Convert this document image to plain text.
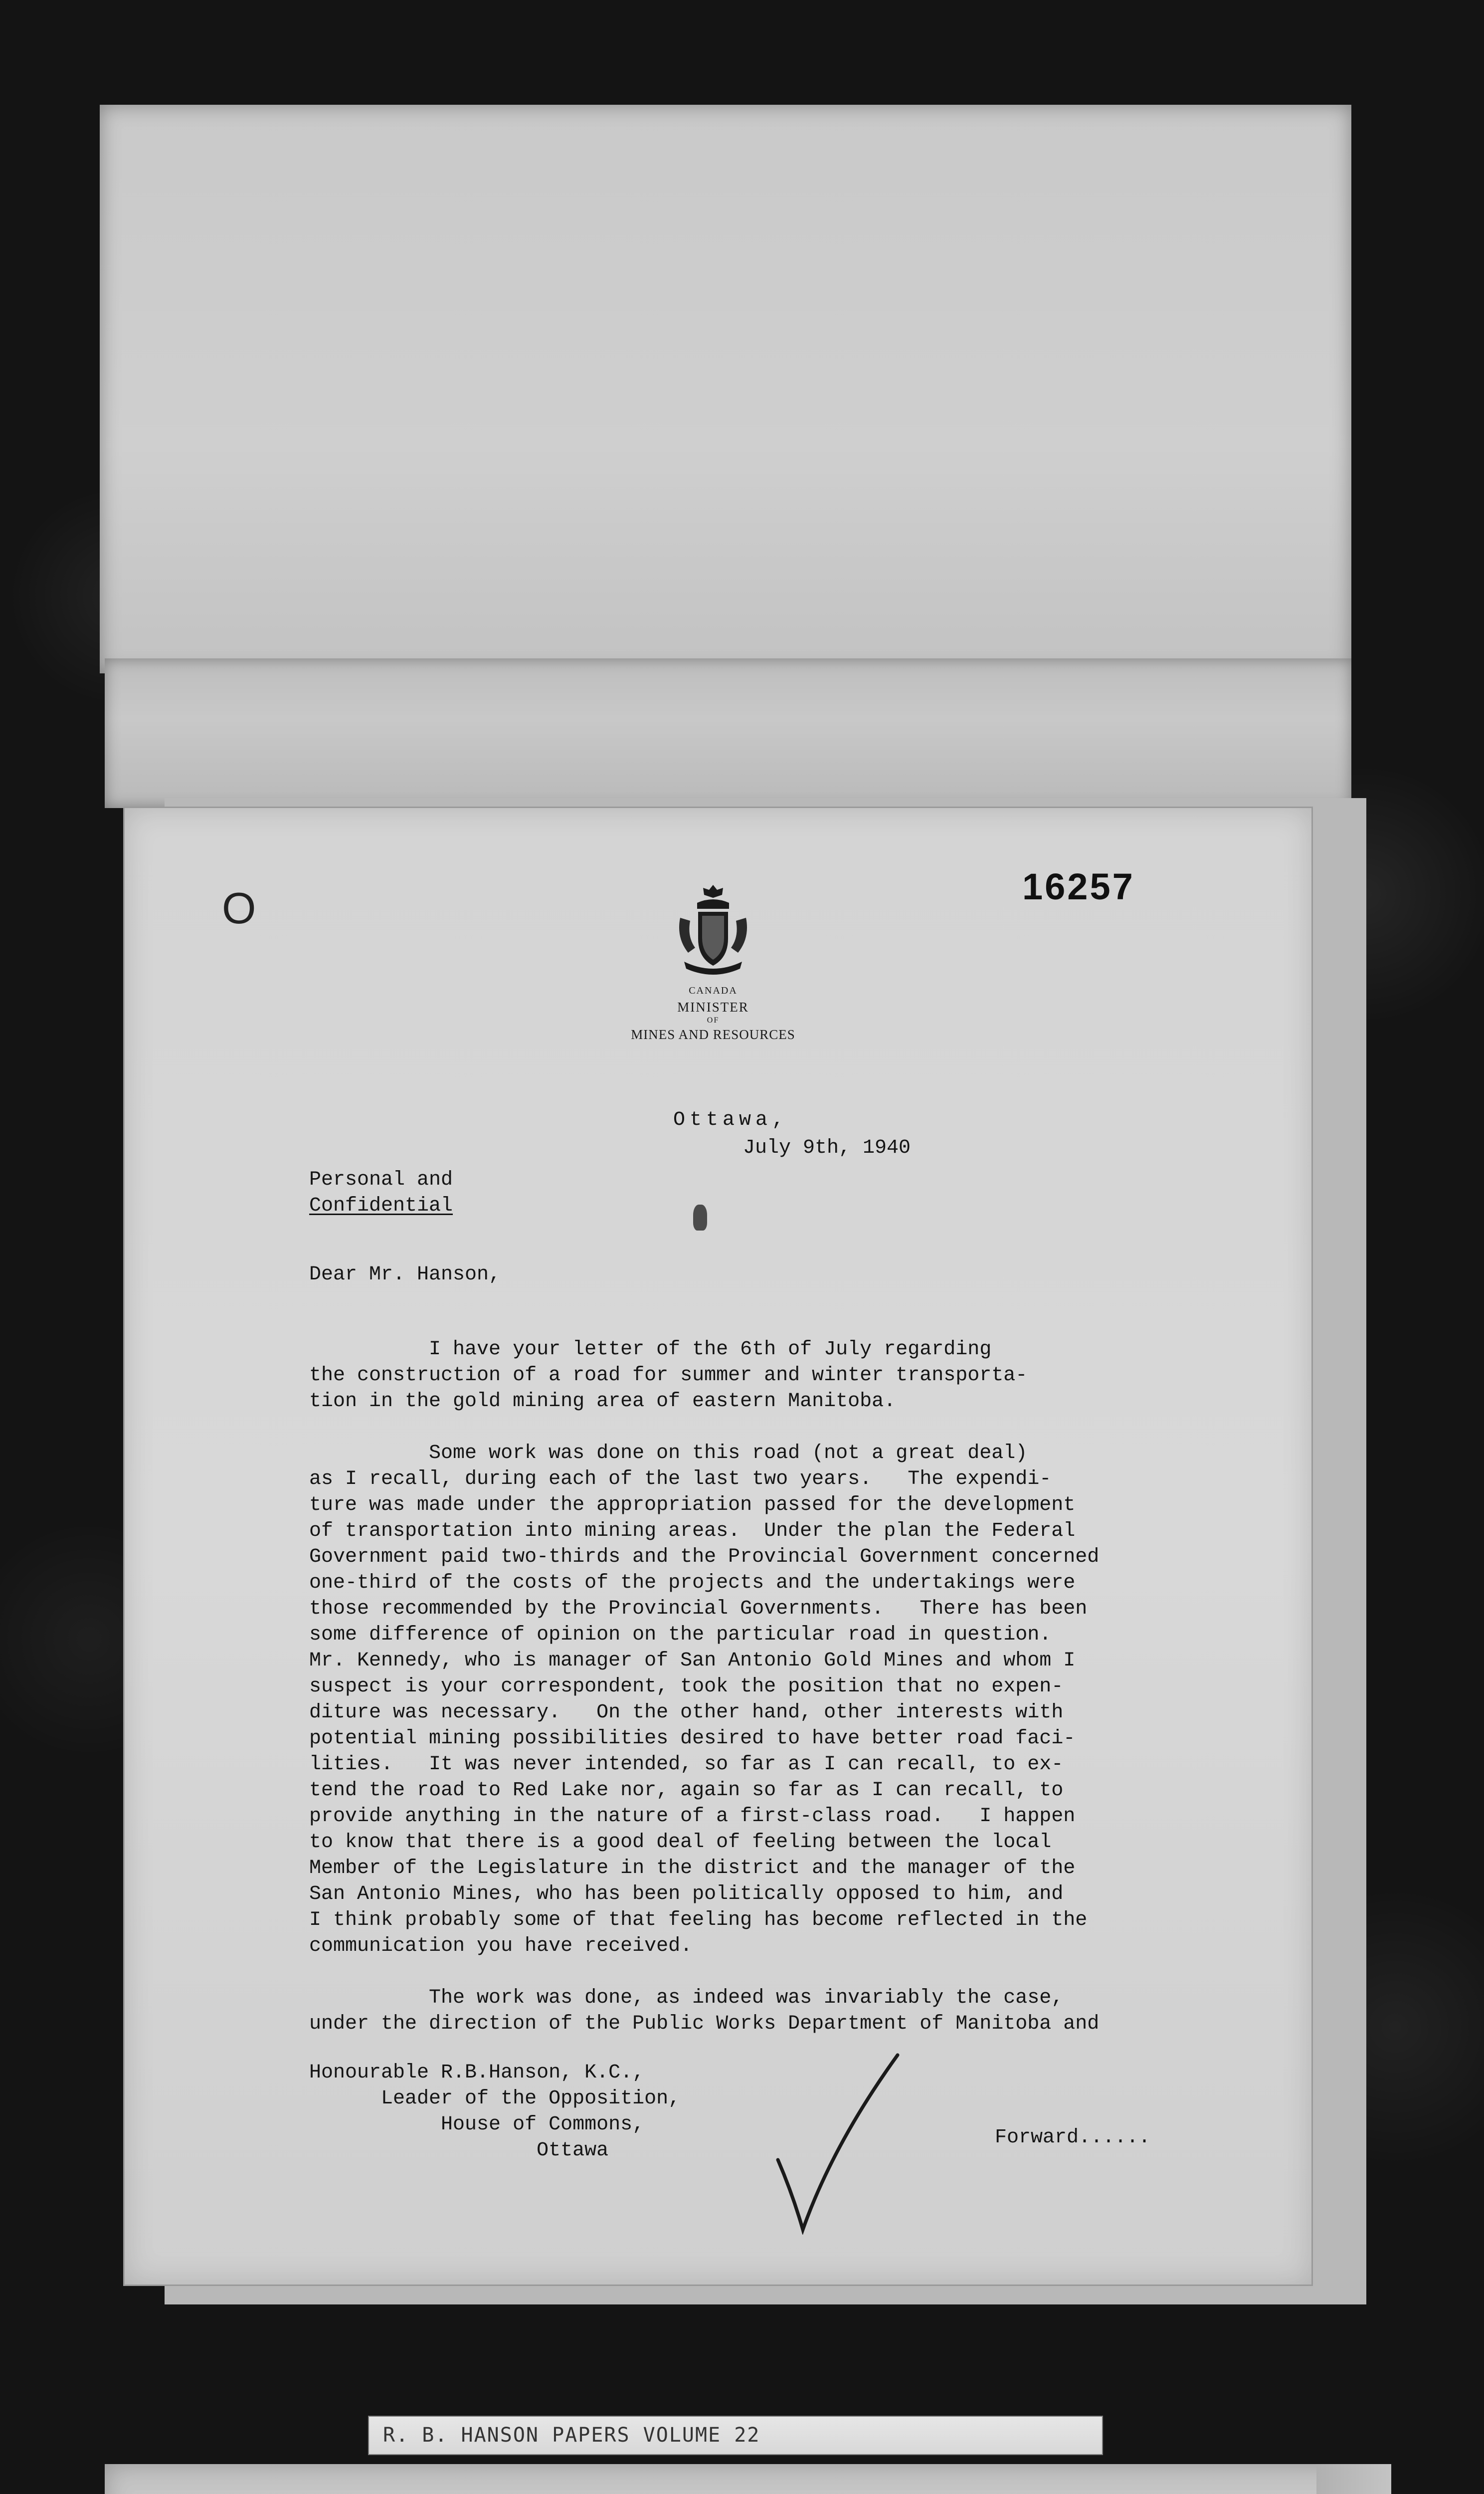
O	16257
CANADA
MINISTER
OF
MINES AND RESOURCES
Ottawa,
July 9th, 1940
Personal and
Confidential
Dear Mr. Hanson,
I have your letter of the 6th of July regarding
the construction of a road for summer and winter transporta-
tion in the gold mining area of eastern Manitoba.

Some work was done on this road (not a great deal)
as I recall, during each of the last two years.   The expendi-
ture was made under the appropriation passed for the development
of transportation into mining areas.  Under the plan the Federal
Government paid two-thirds and the Provincial Government concerned
one-third of the costs of the projects and the undertakings were
those recommended by the Provincial Governments.   There has been
some difference of opinion on the particular road in question.
Mr. Kennedy, who is manager of San Antonio Gold Mines and whom I
suspect is your correspondent, took the position that no expen-
diture was necessary.   On the other hand, other interests with
potential mining possibilities desired to have better road faci-
lities.   It was never intended, so far as I can recall, to ex-
tend the road to Red Lake nor, again so far as I can recall, to
provide anything in the nature of a first-class road.   I happen
to know that there is a good deal of feeling between the local
Member of the Legislature in the district and the manager of the
San Antonio Mines, who has been politically opposed to him, and
I think probably some of that feeling has become reflected in the
communication you have received.

The work was done, as indeed was invariably the case,
under the direction of the Public Works Department of Manitoba and
Honourable R.B.Hanson, K.C.,
Leader of the Opposition,
House of Commons,
Ottawa
Forward......
R. B. HANSON PAPERS VOLUME 22
